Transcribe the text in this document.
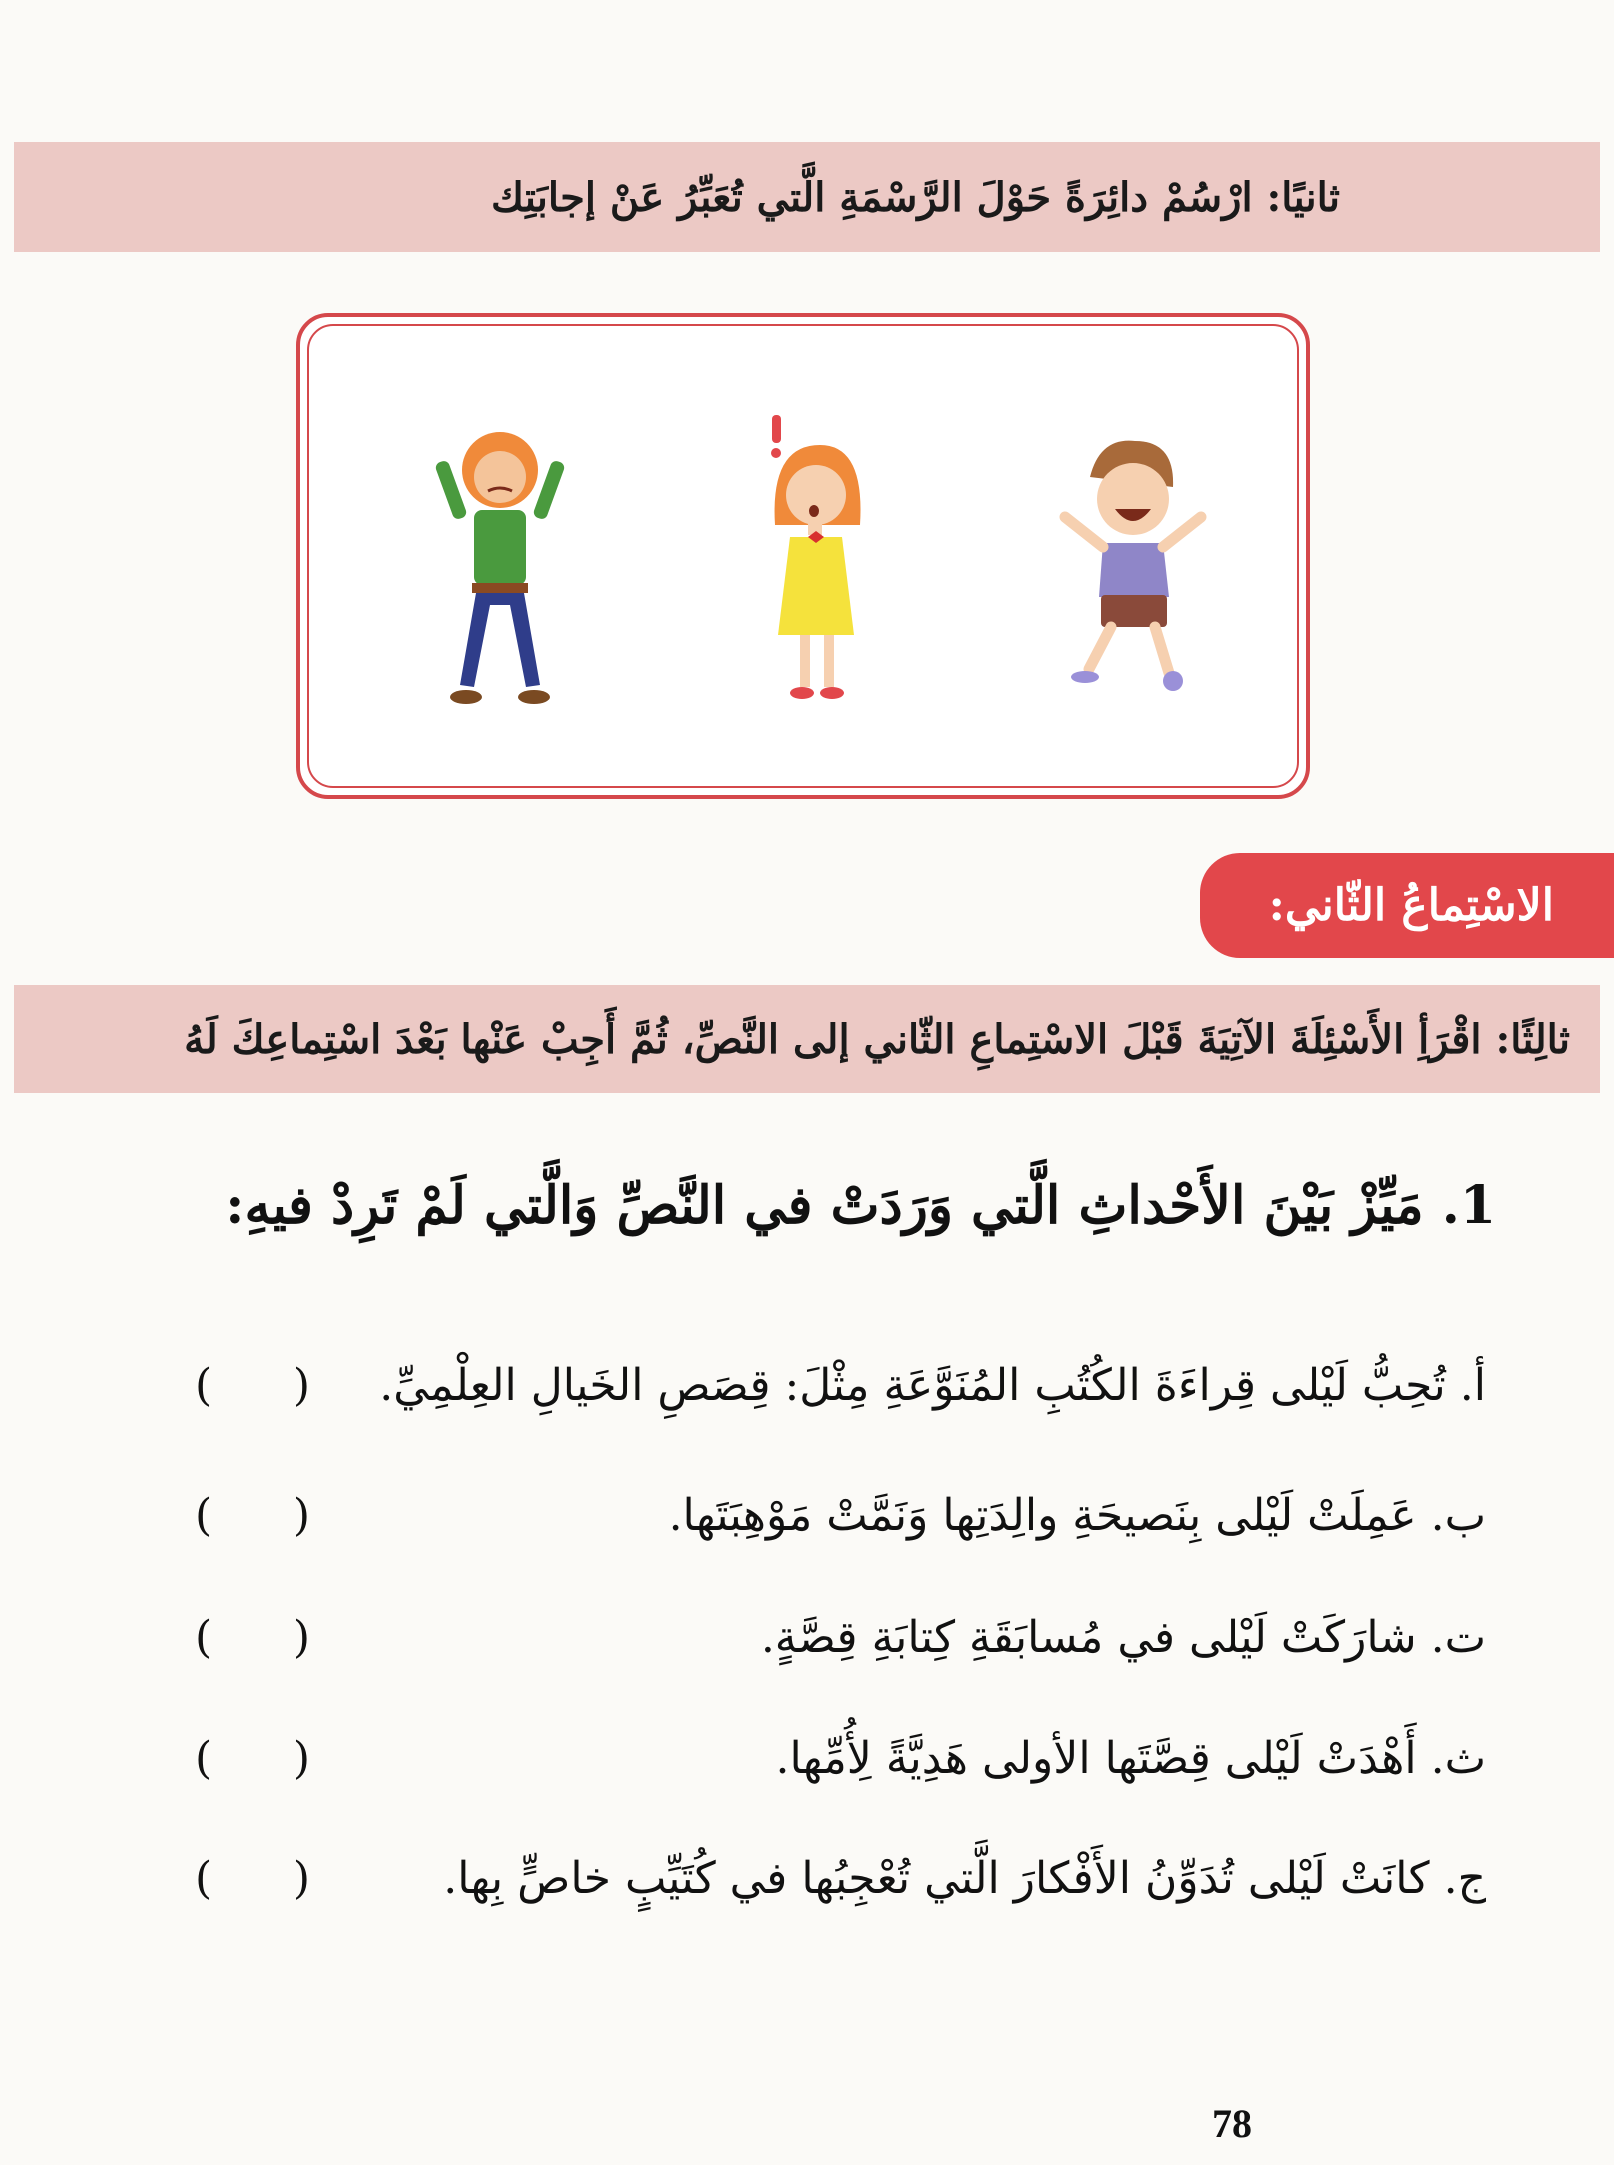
ثانيًا: ارْسُمْ دائِرَةً حَوْلَ الرَّسْمَةِ الَّتي تُعَبِّرُ عَنْ إجابَتِك
الاسْتِماعُ الثّاني:
ثالِثًا: اقْرَأِ الأَسْئِلَةَ الآتِيَةَ قَبْلَ الاسْتِماعِ الثّاني إلى النَّصِّ، ثُمَّ أَجِبْ عَنْها بَعْدَ اسْتِماعِكَ لَهُ
1. مَيِّزْ بَيْنَ الأَحْداثِ الَّتي وَرَدَتْ في النَّصِّ وَالَّتي لَمْ تَرِدْ فيهِ:
أ. تُحِبُّ لَيْلى قِراءَةَ الكُتُبِ المُنَوَّعَةِ مِثْلَ: قِصَصِ الخَيالِ العِلْمِيِّ.
( )
ب. عَمِلَتْ لَيْلى بِنَصيحَةِ والِدَتِها وَنَمَّتْ مَوْهِبَتَها.
( )
ت. شارَكَتْ لَيْلى في مُسابَقَةِ كِتابَةِ قِصَّةٍ.
( )
ث. أَهْدَتْ لَيْلى قِصَّتَها الأولى هَدِيَّةً لِأُمِّها.
( )
ج. كانَتْ لَيْلى تُدَوِّنُ الأَفْكارَ الَّتي تُعْجِبُها في كُتَيِّبٍ خاصٍّ بِها.
( )
78
